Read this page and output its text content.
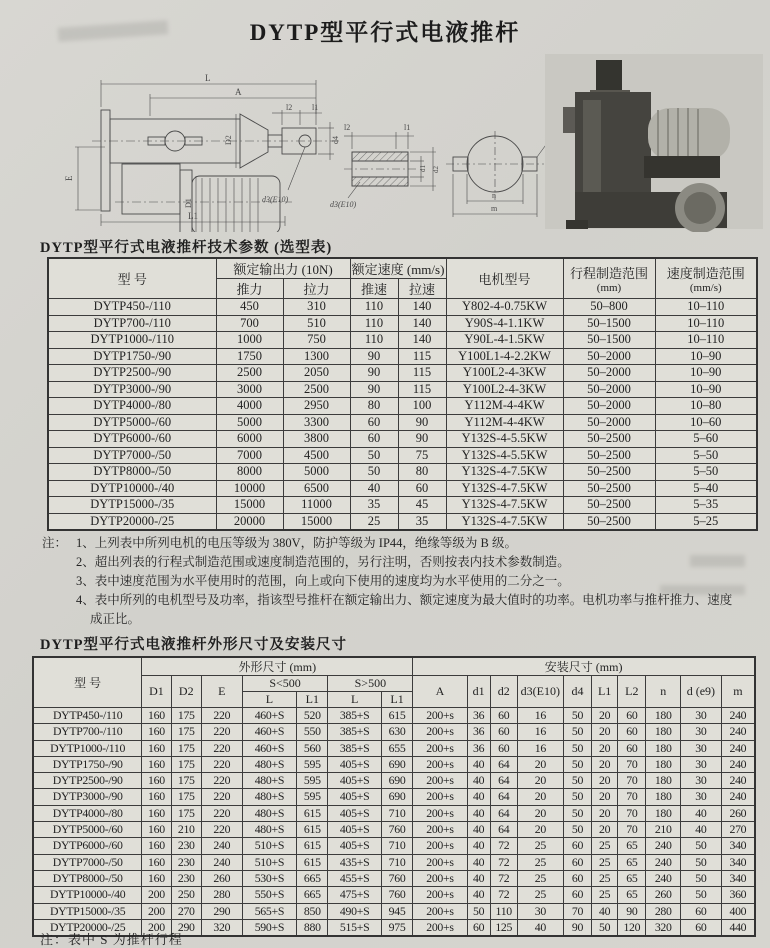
DYTP型平行式电液推杆
L
A
l2 l1
D2	d4
E
D1
L1
d3(E10)
l2	l1
d1 d2
d3(E10)
n
m
DYTP型平行式电液推杆技术参数 (选型表)
型 号	额定输出力 (10N)	额定速度 (mm/s)	电机型号	行程制造范围
(mm)

速度制造范围
(mm/s)

	推力	拉力	推速	拉速			
DYTP450-/110	450	310	110	140	Y802-4-0.75KW	50–800	10–110
DYTP700-/110	700	510	110	140	Y90S-4-1.1KW	50–1500	10–110
DYTP1000-/110	1000	750	110	140	Y90L-4-1.5KW	50–1500	10–110
DYTP1750-/90	1750	1300	90	115	Y100L1-4-2.2KW	50–2000	10–90
DYTP2500-/90	2500	2050	90	115	Y100L2-4-3KW	50–2000	10–90
DYTP3000-/90	3000	2500	90	115	Y100L2-4-3KW	50–2000	10–90
DYTP4000-/80	4000	2950	80	100	Y112M-4-4KW	50–2000	10–80
DYTP5000-/60	5000	3300	60	90	Y112M-4-4KW	50–2000	10–60
DYTP6000-/60	6000	3800	60	90	Y132S-4-5.5KW	50–2500	5–60
DYTP7000-/50	7000	4500	50	75	Y132S-4-5.5KW	50–2500	5–50
DYTP8000-/50	8000	5000	50	80	Y132S-4-7.5KW	50–2500	5–50
DYTP10000-/40	10000	6500	40	60	Y132S-4-7.5KW	50–2500	5–40
DYTP15000-/35	15000	11000	35	45	Y132S-4-7.5KW	50–2500	5–35
DYTP20000-/25	20000	15000	25	35	Y132S-4-7.5KW	50–2500	5–25
注： 1、上列表中所列电机的电压等级为 380V，防护等级为 IP44，绝缘等级为 B 级。
2、超出列表的行程式制造范围或速度制造范围的，另行注明，否则按表内技术参数制造。
3、表中速度范围为水平使用时的范围，向上或向下使用的速度均为水平使用的二分之一。
4、表中所列的电机型号及功率，指该型号推杆在额定输出力、额定速度为最大值时的功率。电机功率与推杆推力、速度成正比。
DYTP型平行式电液推杆外形尺寸及安装尺寸
型 号	外形尺寸 (mm)							安装尺寸 (mm)									
	D1	D2	E	S<500		S>500		A	d1	d2	d3(E10)	d4	L1	L2	n	d (e9)	m
				L	L1	L	L1										
DYTP450-/110	160	175	220	460+S	520	385+S	615	200+s	36	60	16	50	20	60	180	30	240
DYTP700-/110	160	175	220	460+S	550	385+S	630	200+s	36	60	16	50	20	60	180	30	240
DYTP1000-/110	160	175	220	460+S	560	385+S	655	200+s	36	60	16	50	20	60	180	30	240
DYTP1750-/90	160	175	220	480+S	595	405+S	690	200+s	40	64	20	50	20	70	180	30	240
DYTP2500-/90	160	175	220	480+S	595	405+S	690	200+s	40	64	20	50	20	70	180	30	240
DYTP3000-/90	160	175	220	480+S	595	405+S	690	200+s	40	64	20	50	20	70	180	30	240
DYTP4000-/80	160	175	220	480+S	615	405+S	710	200+s	40	64	20	50	20	70	180	40	260
DYTP5000-/60	160	210	220	480+S	615	405+S	760	200+s	40	64	20	50	20	70	210	40	270
DYTP6000-/60	160	230	240	510+S	615	405+S	710	200+s	40	72	25	60	25	65	240	50	340
DYTP7000-/50	160	230	240	510+S	615	435+S	710	200+s	40	72	25	60	25	65	240	50	340
DYTP8000-/50	160	230	260	530+S	665	455+S	760	200+s	40	72	25	60	25	65	240	50	340
DYTP10000-/40	200	250	280	550+S	665	475+S	760	200+s	40	72	25	60	25	65	260	50	360
DYTP15000-/35	200	270	290	565+S	850	490+S	945	200+s	50	110	30	70	40	90	280	60	400
DYTP20000-/25	200	290	320	590+S	880	515+S	975	200+s	60	125	40	90	50	120	320	60	440
注：表中 S 为推杆行程
